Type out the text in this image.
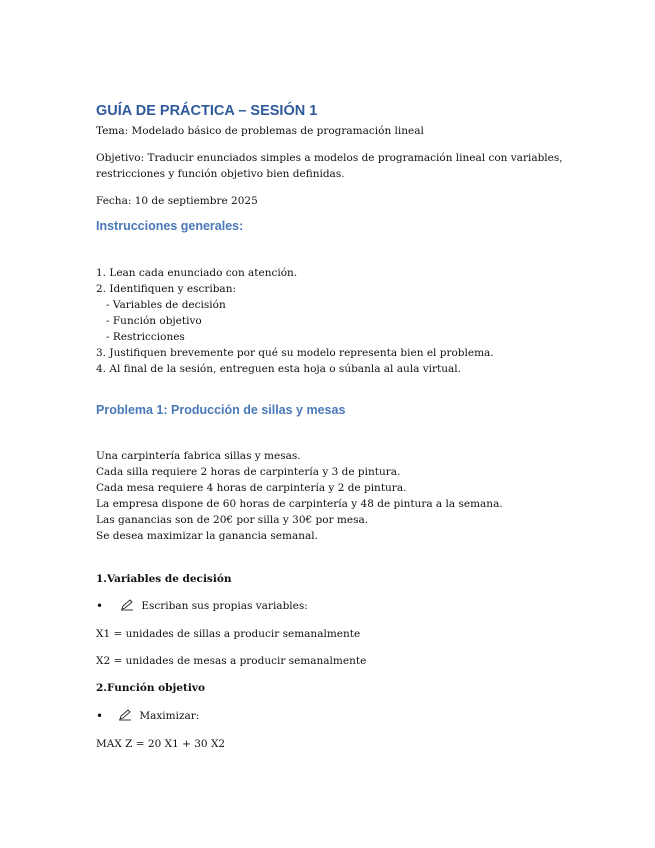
GUÍA DE PRÁCTICA – SESIÓN 1

Tema: Modelado básico de problemas de programación lineal

Objetivo: Traducir enunciados simples a modelos de programación lineal con variables,

restricciones y función objetivo bien definidas.

Fecha: 10 de septiembre 2025

Instrucciones generales:

1. Lean cada enunciado con atención.

2. Identifiquen y escriban:

- Variables de decisión

- Función objetivo

- Restricciones

3. Justifiquen brevemente por qué su modelo representa bien el problema.

4. Al final de la sesión, entreguen esta hoja o súbanla al aula virtual.

Problema 1: Producción de sillas y mesas

Una carpintería fabrica sillas y mesas.

Cada silla requiere 2 horas de carpintería y 3 de pintura.

Cada mesa requiere 4 horas de carpintería y 2 de pintura.

La empresa dispone de 60 horas de carpintería y 48 de pintura a la semana.

Las ganancias son de 20€ por silla y 30€ por mesa.

Se desea maximizar la ganancia semanal.

1.Variables de decisión

•	Escriban sus propias variables:

X1 = unidades de sillas a producir semanalmente

X2 = unidades de mesas a producir semanalmente

2.Función objetivo

•	Maximizar:

MAX Z = 20 X1 + 30 X2
